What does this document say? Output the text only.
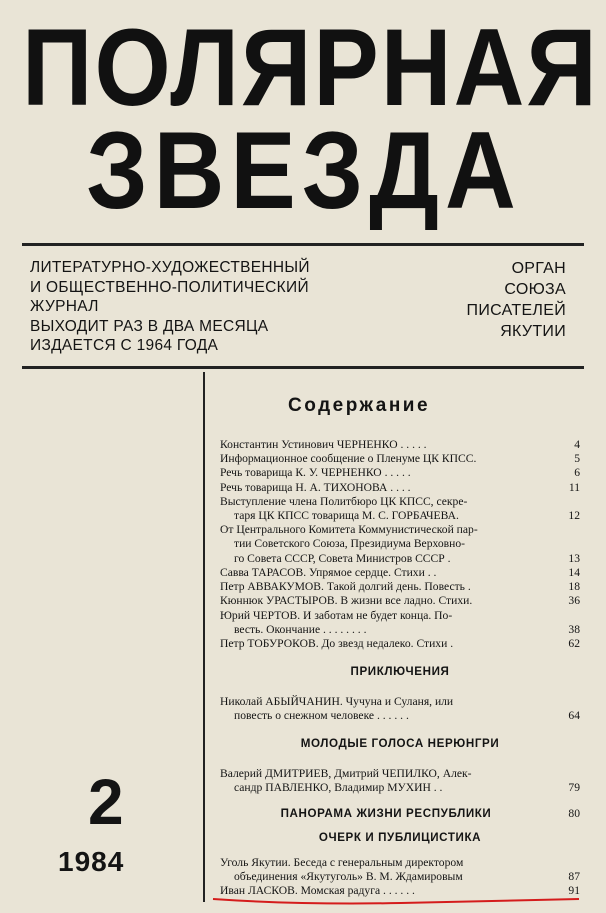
ПОЛЯРНАЯ
ЗВЕЗДА
ЛИТЕРАТУРНО-ХУДОЖЕСТВЕННЫЙ
И ОБЩЕСТВЕННО-ПОЛИТИЧЕСКИЙ
ЖУРНАЛ
ВЫХОДИТ РАЗ В ДВА МЕСЯЦА
ИЗДАЕТСЯ С 1964 ГОДА
ОРГАН
СОЮЗА
ПИСАТЕЛЕЙ
ЯКУТИИ
2
1984
Содержание
Константин Устинович ЧЕРНЕНКО . . . . .	4
Информационное сообщение о Пленуме ЦК КПСС.	5
Речь товарища К. У. ЧЕРНЕНКО . . . . .	6
Речь товарища Н. А. ТИХОНОВА . . . .	11
Выступление члена Политбюро ЦК КПСС, секре-
таря ЦК КПСС товарища М. С. ГОРБАЧЕВА.	12
От Центрального Комитета Коммунистической пар-
тии Советского Союза, Президиума Верховно-
го Совета СССР, Совета Министров СССР .	13
Савва ТАРАСОВ. Упрямое сердце. Стихи . .	14
Петр АВВАКУМОВ. Такой долгий день. Повесть .	18
Кюннюк УРАСТЫРОВ. В жизни все ладно. Стихи.	36
Юрий ЧЕРТОВ. И заботам не будет конца. По-
весть. Окончание . . . . . . . .	38
Петр ТОБУРОКОВ. До звезд недалеко. Стихи .	62
ПРИКЛЮЧЕНИЯ
Николай АБЫЙЧАНИН. Чучуна и Суланя, или
повесть о снежном человеке . . . . . .	64
МОЛОДЫЕ ГОЛОСА НЕРЮНГРИ
Валерий ДМИТРИЕВ, Дмитрий ЧЕПИЛКО, Алек-
сандр ПАВЛЕНКО, Владимир МУХИН . .	79
ПАНОРАМА ЖИЗНИ РЕСПУБЛИКИ	80
ОЧЕРК И ПУБЛИЦИСТИКА
Уголь Якутии. Беседа с генеральным директором
объединения «Якутуголь» В. М. Ждамировым	87
Иван ЛАСКОВ. Момская радуга . . . . . .	91
